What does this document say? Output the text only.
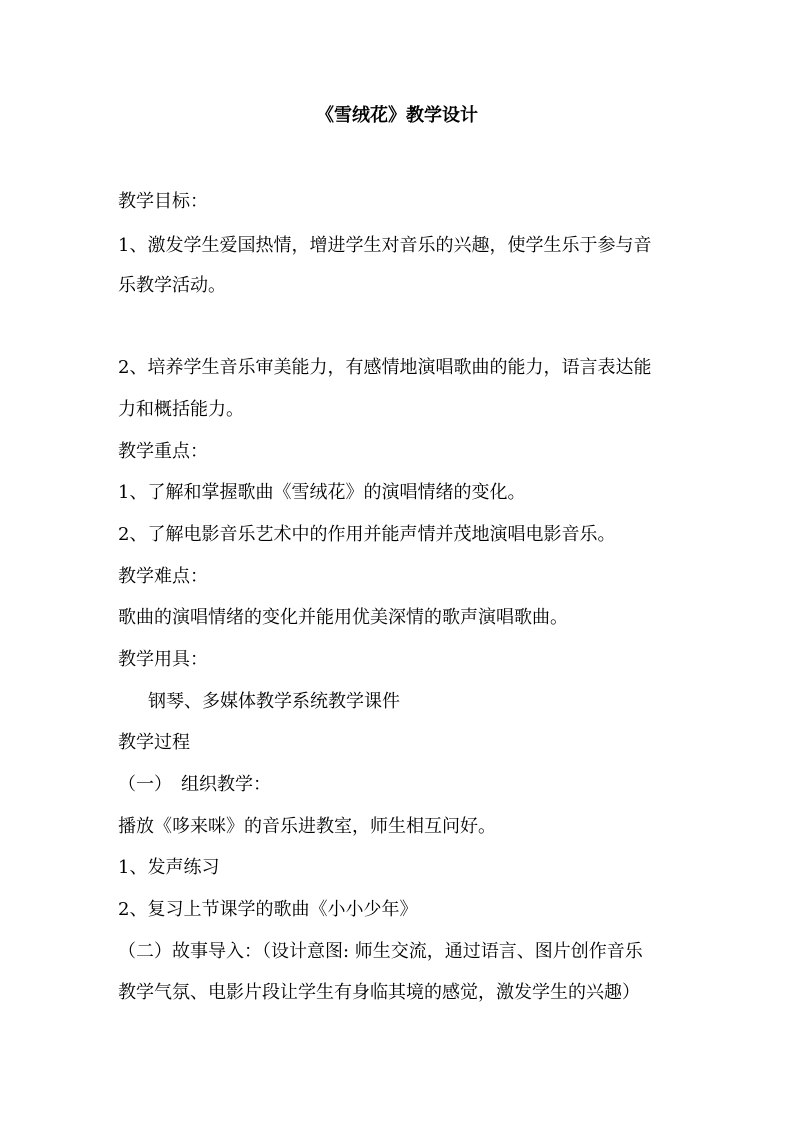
《雪绒花》教学设计
教学目标：
1、激发学生爱国热情，增进学生对音乐的兴趣，使学生乐于参与音
乐教学活动。
2、培养学生音乐审美能力，有感情地演唱歌曲的能力，语言表达能
力和概括能力。
教学重点：
1、了解和掌握歌曲《雪绒花》的演唱情绪的变化。
2、了解电影音乐艺术中的作用并能声情并茂地演唱电影音乐。
教学难点：
歌曲的演唱情绪的变化并能用优美深情的歌声演唱歌曲。
教学用具：
钢琴、多媒体教学系统教学课件
教学过程
（一）　组织教学：
播放《哆来咪》的音乐进教室，师生相互问好。
1、发声练习
2、复习上节课学的歌曲《小小少年》
（二）故事导入：（设计意图: 师生交流，通过语言、图片创作音乐
教学气氛、电影片段让学生有身临其境的感觉，激发学生的兴趣）
